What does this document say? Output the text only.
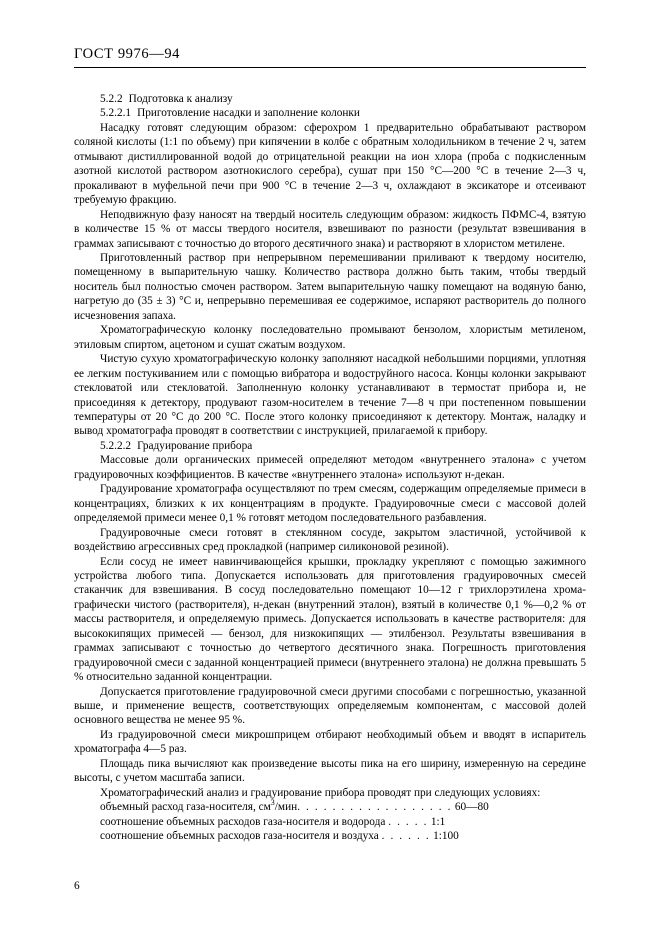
ГОСТ 9976—94

5.2.2 Подготовка к анализу

5.2.2.1 Приготовление насадки и заполнение колонки

Насадку готовят следующим образом: сферохром 1 предварительно обрабатывают раствором соляной кислоты (1:1 по объему) при кипячении в колбе с обратным холодильником в течение 2 ч, затем отмывают дистиллированной водой до отрицательной реакции на ион хлора (проба с подкисленным азотной кислотой раствором азотнокислого серебра), сушат при 150 °С—200 °С в течение 2—3 ч, прокаливают в муфельной печи при 900 °С в течение 2—3 ч, охлаждают в эксикаторе и отсеивают требуемую фракцию.

Неподвижную фазу наносят на твердый носитель следующим образом: жидкость ПФМС-4, взятую в количестве 15 % от массы твердого носителя, взвешивают по разности (результат взвешивания в граммах записывают с точностью до второго десятичного знака) и растворяют в хлористом метилене.

Приготовленный раствор при непрерывном перемешивании приливают к твердому носителю, помещенному в выпарительную чашку. Количество раствора должно быть таким, чтобы твердый носитель был полностью смочен раствором. Затем выпарительную чашку помещают на водяную баню, нагретую до (35 ± 3) °С и, непрерывно перемешивая ее содержимое, испаряют растворитель до полного исчезновения запаха.

Хроматографическую колонку последовательно промывают бензолом, хлористым метиленом, этиловым спиртом, ацетоном и сушат сжатым воздухом.

Чистую сухую хроматографическую колонку заполняют насадкой небольшими порциями, уплотняя ее легким постукиванием или с помощью вибратора и водоструйного насоса. Концы колонки закрывают стекловатой или стекловатой. Заполненную колонку устанавливают в термостат прибора и, не присоединяя к детектору, продувают газом-носителем в течение 7—8 ч при постепенном повышении температуры от 20 °С до 200 °С. После этого колонку присоединяют к детектору. Монтаж, наладку и вывод хроматографа проводят в соответствии с инструкцией, прилагаемой к прибору.

5.2.2.2 Градуирование прибора

Массовые доли органических примесей определяют методом «внутреннего эталона» с учетом градуировочных коэффициентов. В качестве «внутреннего эталона» используют н-декан.

Градуирование хроматографа осуществляют по трем смесям, содержащим определяемые примеси в концентрациях, близких к их концентрациям в продукте. Градуировочные смеси с массовой долей определяемой примеси менее 0,1 % готовят методом последовательного разбавления.

Градуировочные смеси готовят в стеклянном сосуде, закрытом эластичной, устойчивой к воздействию агрессивных сред прокладкой (например силиконовой резиной).

Если сосуд не имеет навинчивающейся крышки, прокладку укрепляют с помощью зажимного устройства любого типа. Допускается использовать для приготовления градуировочных смесей стаканчик для взвешивания. В сосуд последовательно помещают 10—12 г трихлорэтилена хромаграфически чистого (растворителя), н-декан (внутренний эталон), взятый в количестве 0,1 %—0,2 % от массы растворителя, и определяемую примесь. Допускается использовать в качестве растворителя: для высококипящих примесей — бензол, для низкокипящих — этилбензол. Результаты взвешивания в граммах записывают с точностью до четвертого десятичного знака. Погрешность приготовления градуировочной смеси с заданной концентрацией примеси (внутреннего эталона) не должна превышать 5 % относительно заданной концентрации.

Допускается приготовление градуировочной смеси другими способами с погрешностью, указанной выше, и применение веществ, соответствующих определяемым компонентам, с массовой долей основного вещества не менее 95 %.

Из градуировочной смеси микрошприцем отбирают необходимый объем и вводят в испаритель хроматографа 4—5 раз.

Площадь пика вычисляют как произведение высоты пика на его ширину, измеренную на середине высоты, с учетом масштаба записи.

Хроматографический анализ и градуирование прибора проводят при следующих условиях:

объемный расход газа-носителя, $см^3$/мин. . . . . . . . . . . . . . . . . . 60—80
соотношение объемных расходов газа-носителя и водорода . . . . . 1:1
соотношение объемных расходов газа-носителя и воздуха . . . . . . 1:100
6
